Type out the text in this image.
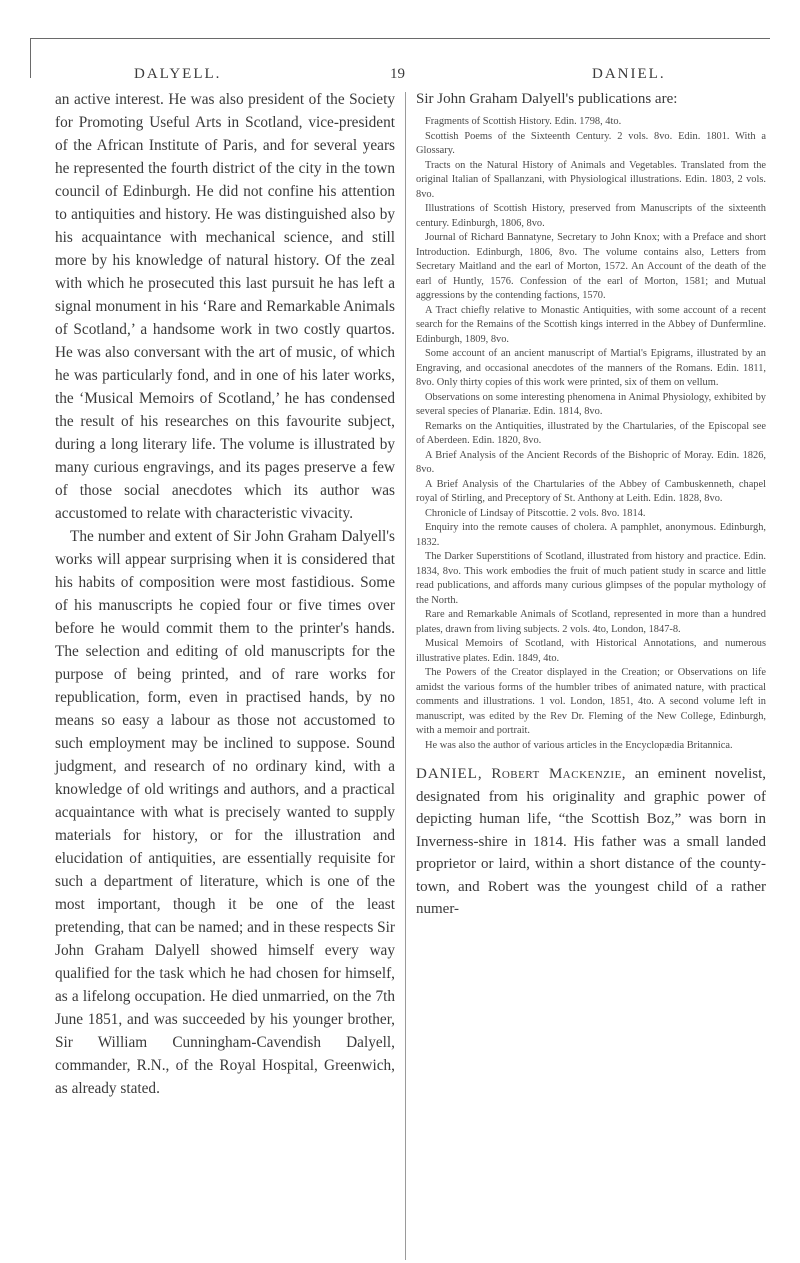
DALYELL.	19	DANIEL.

an active interest. He was also president of the Society for Promoting Useful Arts in Scotland, vice-president of the African Institute of Paris, and for several years he represented the fourth district of the city in the town council of Edinburgh. He did not confine his attention to antiquities and history. He was distinguished also by his acquaintance with mechanical science, and still more by his knowledge of natural history. Of the zeal with which he prosecuted this last pursuit he has left a signal monument in his ‘Rare and Remarkable Animals of Scotland,’ a handsome work in two costly quartos. He was also conversant with the art of music, of which he was particularly fond, and in one of his later works, the ‘Musical Memoirs of Scotland,’ he has condensed the result of his researches on this favourite subject, during a long literary life. The volume is illustrated by many curious engravings, and its pages preserve a few of those social anecdotes which its author was accustomed to relate with characteristic vivacity.

The number and extent of Sir John Graham Dalyell's works will appear surprising when it is considered that his habits of composition were most fastidious. Some of his manuscripts he copied four or five times over before he would commit them to the printer's hands. The selection and editing of old manuscripts for the purpose of being printed, and of rare works for republication, form, even in practised hands, by no means so easy a labour as those not accustomed to such employment may be inclined to suppose. Sound judgment, and research of no ordinary kind, with a knowledge of old writings and authors, and a practical acquaintance with what is precisely wanted to supply materials for history, or for the illustration and elucidation of antiquities, are essentially requisite for such a department of literature, which is one of the most important, though it be one of the least pretending, that can be named; and in these respects Sir John Graham Dalyell showed himself every way qualified for the task which he had chosen for himself, as a lifelong occupation. He died unmarried, on the 7th June 1851, and was succeeded by his younger brother, Sir William Cunningham-Cavendish Dalyell, commander, R.N., of the Royal Hospital, Greenwich, as already stated.

Sir John Graham Dalyell's publications are:

Fragments of Scottish History. Edin. 1798, 4to.

Scottish Poems of the Sixteenth Century. 2 vols. 8vo. Edin. 1801. With a Glossary.

Tracts on the Natural History of Animals and Vegetables. Translated from the original Italian of Spallanzani, with Physiological illustrations. Edin. 1803, 2 vols. 8vo.

Illustrations of Scottish History, preserved from Manuscripts of the sixteenth century. Edinburgh, 1806, 8vo.

Journal of Richard Bannatyne, Secretary to John Knox; with a Preface and short Introduction. Edinburgh, 1806, 8vo. The volume contains also, Letters from Secretary Maitland and the earl of Morton, 1572. An Account of the death of the earl of Huntly, 1576. Confession of the earl of Morton, 1581; and Mutual aggressions by the contending factions, 1570.

A Tract chiefly relative to Monastic Antiquities, with some account of a recent search for the Remains of the Scottish kings interred in the Abbey of Dunfermline. Edinburgh, 1809, 8vo.

Some account of an ancient manuscript of Martial's Epigrams, illustrated by an Engraving, and occasional anecdotes of the manners of the Romans. Edin. 1811, 8vo. Only thirty copies of this work were printed, six of them on vellum.

Observations on some interesting phenomena in Animal Physiology, exhibited by several species of Planariæ. Edin. 1814, 8vo.

Remarks on the Antiquities, illustrated by the Chartularies, of the Episcopal see of Aberdeen. Edin. 1820, 8vo.

A Brief Analysis of the Ancient Records of the Bishopric of Moray. Edin. 1826, 8vo.

A Brief Analysis of the Chartularies of the Abbey of Cambuskenneth, chapel royal of Stirling, and Preceptory of St. Anthony at Leith. Edin. 1828, 8vo.

Chronicle of Lindsay of Pitscottie. 2 vols. 8vo. 1814.

Enquiry into the remote causes of cholera. A pamphlet, anonymous. Edinburgh, 1832.

The Darker Superstitions of Scotland, illustrated from history and practice. Edin. 1834, 8vo. This work embodies the fruit of much patient study in scarce and little read publications, and affords many curious glimpses of the popular mythology of the North.

Rare and Remarkable Animals of Scotland, represented in more than a hundred plates, drawn from living subjects. 2 vols. 4to, London, 1847-8.

Musical Memoirs of Scotland, with Historical Annotations, and numerous illustrative plates. Edin. 1849, 4to.

The Powers of the Creator displayed in the Creation; or Observations on life amidst the various forms of the humbler tribes of animated nature, with practical comments and illustrations. 1 vol. London, 1851, 4to. A second volume left in manuscript, was edited by the Rev Dr. Fleming of the New College, Edinburgh, with a memoir and portrait.

He was also the author of various articles in the Encyclopædia Britannica.

DANIEL, Robert Mackenzie, an eminent novelist, designated from his originality and graphic power of depicting human life, “the Scottish Boz,” was born in Inverness-shire in 1814. His father was a small landed proprietor or laird, within a short distance of the county-town, and Robert was the youngest child of a rather numer-
